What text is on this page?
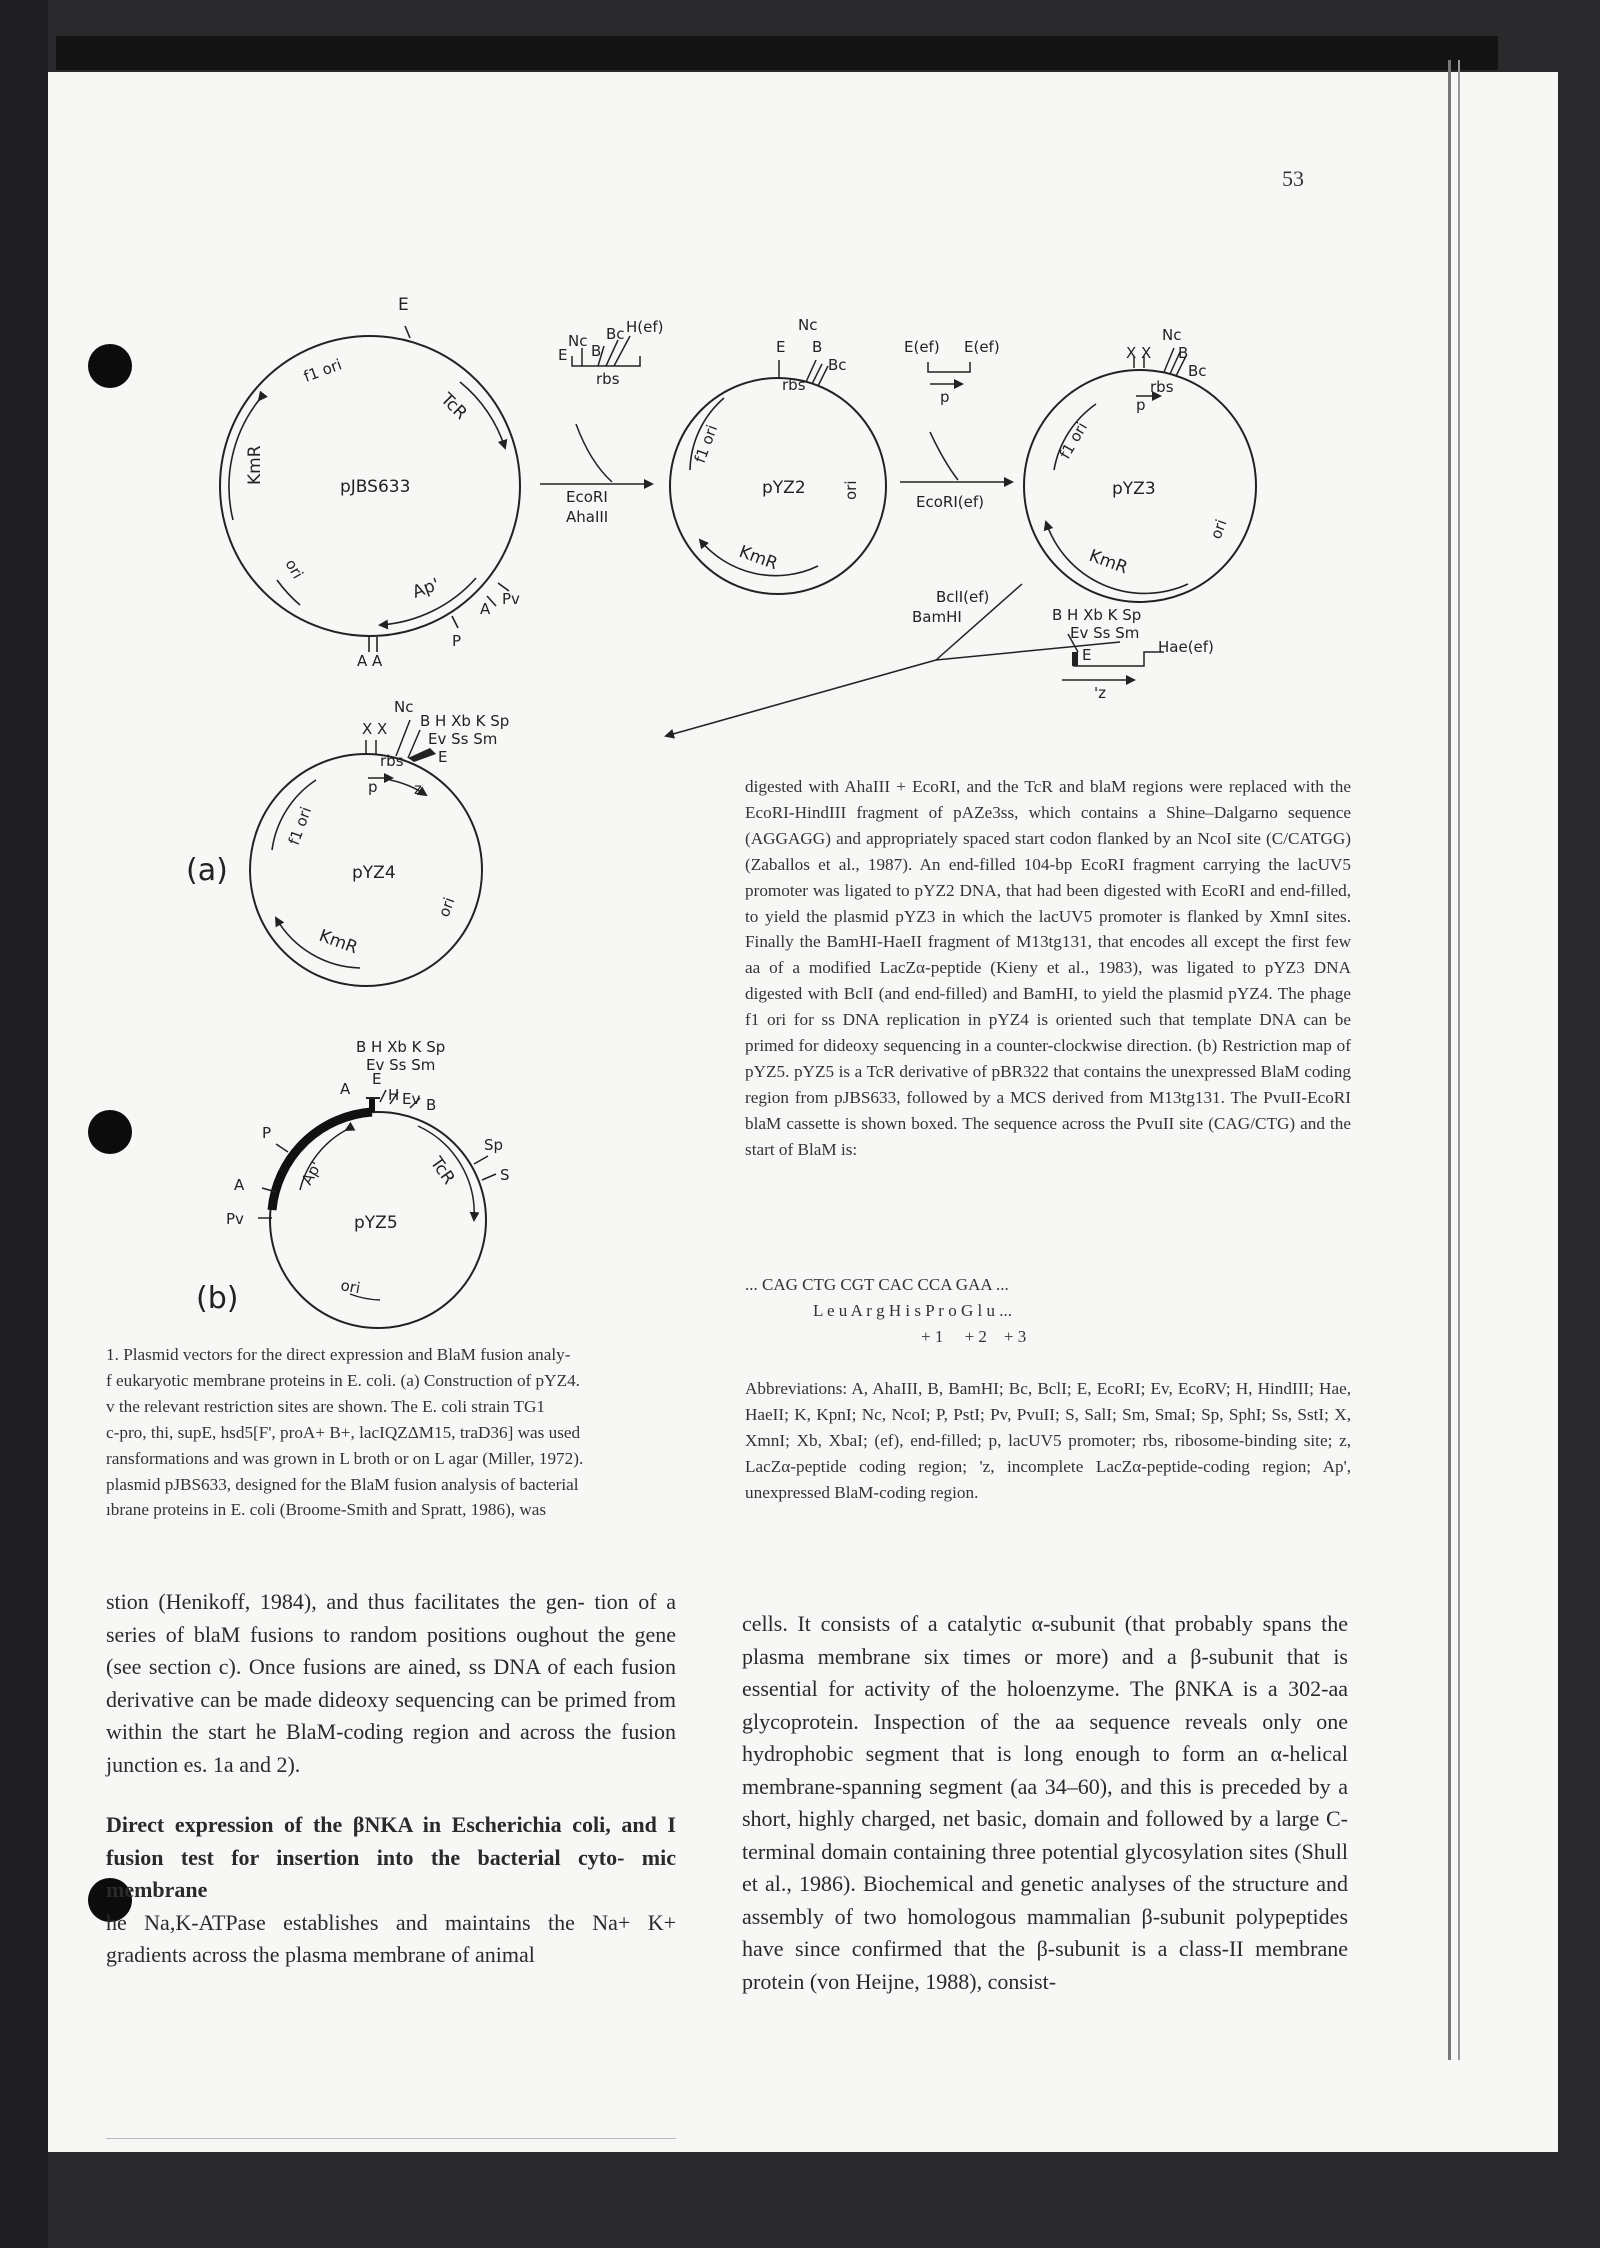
53
pJBS633
E
f1 ori
TcR
KmR
ori
Ap'	Pv
A
P
A A
Nc Bc H(ef)
E B
rbs
EcoRI
AhaIII
pYZ2
Nc
E B
Bc
rbs
f1 ori
ori
KmR
E(ef) E(ef)
p
EcoRI(ef)
pYZ3
Nc
X X B
Bc
rbs
p
f1 ori
ori
KmR
BclI(ef)
BamHI	B H Xb K Sp
Ev Ss Sm
E	Hae(ef)
'z
pYZ4
Nc
X X B H Xb K Sp
Ev Ss Sm
E
rbs
p z
f1 ori
ori
KmR
(a)
pYZ5
B H Xb K Sp
Ev Ss Sm
A
E
H Ev B
Sp
S
P
A
Pv
Ap'	TcR
ori
(b)

digested with AhaIII + EcoRI, and the TcR and blaM regions were replaced with the EcoRI-HindIII fragment of pAZe3ss, which contains a Shine–Dalgarno sequence (AGGAGG) and appropriately spaced start codon flanked by an NcoI site (C/CATGG) (Zaballos et al., 1987). An end-filled 104-bp EcoRI fragment carrying the lacUV5 promoter was ligated to pYZ2 DNA, that had been digested with EcoRI and end-filled, to yield the plasmid pYZ3 in which the lacUV5 promoter is flanked by XmnI sites. Finally the BamHI-HaeII fragment of M13tg131, that encodes all except the first few aa of a modified LacZα-peptide (Kieny et al., 1983), was ligated to pYZ3 DNA digested with BclI (and end-filled) and BamHI, to yield the plasmid pYZ4. The phage f1 ori for ss DNA replication in pYZ4 is oriented such that template DNA can be primed for dideoxy sequencing in a counter-clockwise direction. (b) Restriction map of pYZ5. pYZ5 is a TcR derivative of pBR322 that contains the unexpressed BlaM coding region from pJBS633, followed by a MCS derived from M13tg131. The PvuII-EcoRI blaM cassette is shown boxed. The sequence across the PvuII site (CAG/CTG) and the start of BlaM is:

... CAG CTG CGT CAC CCA GAA ...
L e u A r g H i s P r o G l u ...
+ 1     + 2    + 3
Abbreviations: A, AhaIII, B, BamHI; Bc, BclI; E, EcoRI; Ev, EcoRV; H, HindIII; Hae, HaeII; K, KpnI; Nc, NcoI; P, PstI; Pv, PvuII; S, SalI; Sm, SmaI; Sp, SphI; Ss, SstI; X, XmnI; Xb, XbaI; (ef), end-filled; p, lacUV5 promoter; rbs, ribosome-binding site; z, LacZα-peptide coding region; 'z, incomplete LacZα-peptide-coding region; Ap', unexpressed BlaM-coding region.
1. Plasmid vectors for the direct expression and BlaM fusion analy-
f eukaryotic membrane proteins in E. coli. (a) Construction of pYZ4.
v the relevant restriction sites are shown. The E. coli strain TG1
c-pro, thi, supE, hsd5[F', proA+ B+, lacIQZΔM15, traD36] was used
ransformations and was grown in L broth or on L agar (Miller, 1972).
plasmid pJBS633, designed for the BlaM fusion analysis of bacterial
ıbrane proteins in E. coli (Broome-Smith and Spratt, 1986), was

stion (Henikoff, 1984), and thus facilitates the gen- tion of a series of blaM fusions to random positions oughout the gene (see section c). Once fusions are ained, ss DNA of each fusion derivative can be made dideoxy sequencing can be primed from within the start he BlaM-coding region and across the fusion junction es. 1a and 2).

Direct expression of the βNKA in Escherichia coli, and I fusion test for insertion into the bacterial cyto- mic membrane

he Na,K-ATPase establishes and maintains the Na+ K+ gradients across the plasma membrane of animal

cells. It consists of a catalytic α-subunit (that probably spans the plasma membrane six times or more) and a β-subunit that is essential for activity of the holoenzyme. The βNKA is a 302-aa glycoprotein. Inspection of the aa sequence reveals only one hydrophobic segment that is long enough to form an α-helical membrane-spanning segment (aa 34–60), and this is preceded by a short, highly charged, net basic, domain and followed by a large C-terminal domain containing three potential glycosylation sites (Shull et al., 1986). Biochemical and genetic analyses of the structure and assembly of two homologous mammalian β-subunit polypeptides have since confirmed that the β-subunit is a class-II membrane protein (von Heijne, 1988), consist-
